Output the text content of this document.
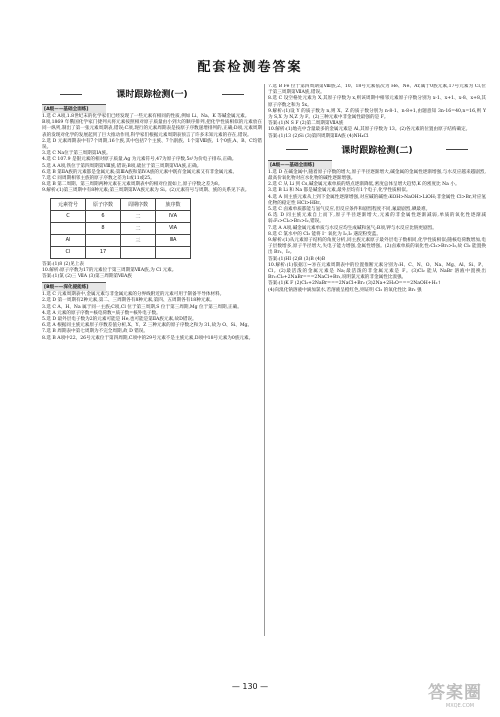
配套检测卷答案
课时跟踪检测(一)
[A级——基础全面练]

1.选 C A项,1.8世纪末的化学家们已经发现了一些元素有相同的性质,例如 Li、Na、K 等碱金属元素。

B项,1869 年俄国化学家门捷列夫将元素按照相对原子质量由小到大的顺序排列,把化学性质相似的元素放在同一纵列,制出了第一张元素周期表,错误;C项,现行的元素周期表是按原子序数递增排列的,正确;D项,元素周期表的发现对化学的发展起到了巨大推动作用,科学家们根据元素周期表预言了许多未知元素的存在,错误。

2.选 D 元素周期表中有7个周期,16个族,其中包括7个主族、7个副族、1个第Ⅷ族、1个0族,A、B、C均错误。

3.选 C Na位于第三周期第ⅠA族。

4.选 C 107.9 是银元素的相对原子质量,Ag 为元素符号,47为原子序数,5s¹为价电子排布,正确。

5.选 A A项,铁位于第四周期第Ⅷ族,错误;B项,硫位于第三周期第ⅥA族,正确。

6.选 B 第ⅡA族的元素都是金属元素;第ⅢA族和第ⅣA族的元素中既有金属元素又有非金属元素。

7.选 C 同周期相邻主族的原子序数之差为1或11或25。

8.选 B 第二周期、第三周期两种元素在元素周期表中的相对位置如上,原子序数之差为8。

9.解析:(1)第三周期中有8种元素;第三周期第ⅣA族元素为 Si。(2)元素符号与周期、族的关系见下表。

元素符号	原子序数	周期序数	族序数
C	6	二	ⅣA
	8	二	ⅥA
Al		三	ⅢA
Cl	17		

答案:(1)8 (2)见上表

10.解析:原子序数为17的元素位于第三周期第ⅦA族,为 Cl 元素。

答案:(1)氯 (2)三 ⅦA (3)第三周期第ⅦA族

[B级——深化提能练]

1.选 C 元素周期表中,金属元素与非金属元素的分界线附近的元素可用于制备半导体材料。

2.选 D 第一周期有2种元素,第二、三周期各有8种元素,第四、五周期各有18种元素。

3.选 C A、H、Na 属于同一主族;C项,Cl 位于第三周期,S 位于第三周期,Mg 位于第三周期,正确。

4.选 A 元素的原子序数=核电荷数=质子数=核外电子数。

5.选 D 最外层电子数为2的元素可能是 He,也可能是第ⅡA族元素,故D错误。

6.选 A 根据同主族元素原子序数差值分析,X、Y、Z 三种元素的原子序数之和为 31,故为 O、Si、Mg。

7.选 B 周期表中第七周期为不完全周期,故 D 错误。

8.选 B A项中22、26号元素位于第四周期,C项中的29号元素不是主族元素,D项中18号元素为0族元素。

7.选 B Fe 位于第四周期第Ⅷ族,2、10、18号元素依次为 He、Ne、Ar,属于0族元素,17号元素为 Cl,位于第三周期第ⅦA族,错误。

8.选 C 设空格处元素为 X,其原子序数为 x,则该周期中相邻元素原子序数分别为 x-1、x+1、x-8、x+8,其原子序数之和为 5x。

9.解析:(1)设 Y 的质子数为 n,则 X、Z 的质子数分别为 n-8-1、n-8+1,由题意知 3n-16=40,n=16,则 Y 为 S,X 为 N,Z 为 F。(2)三种元素中非金属性最强的是 F。

答案:(1)N S F (2)第二周期第ⅦA族

10.解析:(1)地壳中含量最多的金属元素是 Al,其原子序数为 13。(2)各元素的位置由原子结构确定。

答案:(1)13 (2)Si (3)第四周期第ⅡA族 (4)NH₄Cl

课时跟踪检测(二)
[A级——基础全面练]

1.选 D 在碱金属中,随着原子序数的增大,原子半径逐渐增大,碱金属的金属性逐渐增强,与水反应越来越剧烈,最高价氧化物对应水化物的碱性逐渐增强。

2.选 C 从 Li 到 Cs,碱金属元素单质的熔点逐渐降低,密度总体呈增大趋势,K 的密度比 Na 小。

3.选 B Li 和 Na 都是碱金属元素,最外层均有1个电子,化学性质相似。

4.选 A 同主族元素从上到下金属性逐渐增强,对应碱的碱性:KOH>NaOH>LiOH;非金属性 Cl>Br,对应氢化物的稳定性 HCl>HBr。

5.选 C 卤素单质都能与氢气反应,但反应条件和剧烈程度不同,氟最剧烈,碘最难。

6.选 D 同主族元素自上而下,原子半径逐渐增大,元素的非金属性逐渐减弱,单质的氧化性逐渐减弱:F₂>Cl₂>Br₂>I₂,错误。

7.选 A A项,碱金属元素单质与水反应均生成碱和氢气;B项,钾与水反应比钠更剧烈。

8.选 C 氯水中的 Cl₂ 能将 I⁻ 氧化为 I₂,I₂ 遇淀粉变蓝。

9.解析:(1)从元素原子结构的角度分析,同主族元素原子最外层电子数相同,化学性质相似;随核电荷数增加,电子层数增多,原子半径增大,失电子能力增强,金属性增强。(2)卤素单质的氧化性:Cl₂>Br₂>I₂,故 Cl₂ 能置换出 Br₂、I₂。

答案:(1)HI (2)B (3)B (4)B

10.解析:(1)依据①~⑩在元素周期表中的位置推断元素分别为:H、C、N、O、Na、Mg、Al、Si、P、Cl。(2)最活泼的金属元素是 Na;最活泼的非金属元素是 F。(3)Cl₂ 能从 NaBr 溶液中置换出 Br₂:Cl₂+2NaBr===2NaCl+Br₂,说明氯元素的非金属性比溴强。

答案:(1)K F (2)Cl₂+2NaBr===2NaCl+Br₂ (3)2Na+2H₂O===2NaOH+H₂↑

(4)向溴化钠溶液中滴加氯水,若溶液呈橙红色,则证明 Cl₂ 的氧化性比 Br₂ 强

— 130 —	答案圈
MXQE.COM
